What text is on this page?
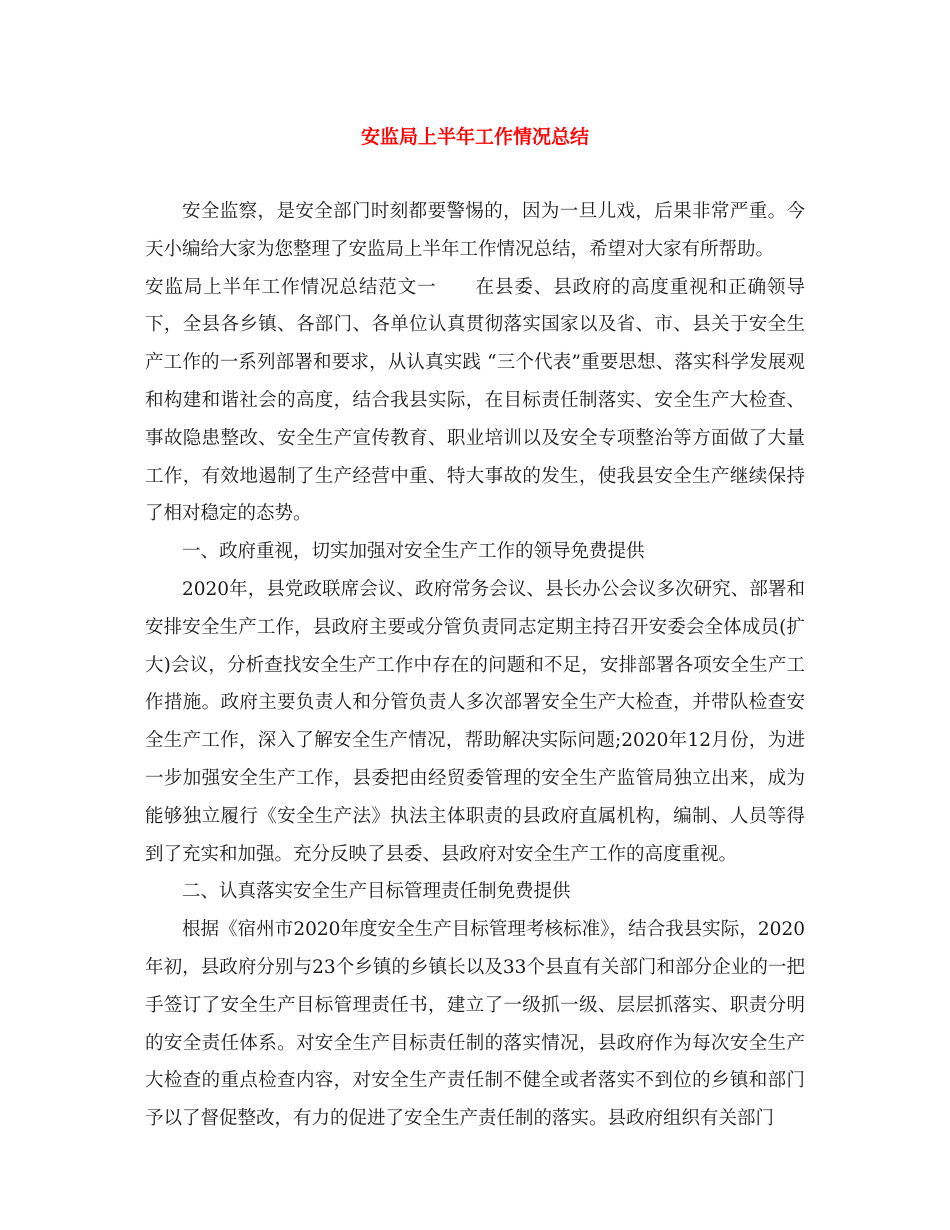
安监局上半年工作情况总结

安全监察，是安全部门时刻都要警惕的，因为一旦儿戏，后果非常严重。今天小编给大家为您整理了安监局上半年工作情况总结，希望对大家有所帮助。

安监局上半年工作情况总结范文一　　在县委、县政府的高度重视和正确领导下，全县各乡镇、各部门、各单位认真贯彻落实国家以及省、市、县关于安全生产工作的一系列部署和要求，从认真实践 “三个代表”重要思想、落实科学发展观和构建和谐社会的高度，结合我县实际，在目标责任制落实、安全生产大检查、事故隐患整改、安全生产宣传教育、职业培训以及安全专项整治等方面做了大量工作，有效地遏制了生产经营中重、特大事故的发生，使我县安全生产继续保持了相对稳定的态势。

一、政府重视，切实加强对安全生产工作的领导免费提供

2020年，县党政联席会议、政府常务会议、县长办公会议多次研究、部署和安排安全生产工作，县政府主要或分管负责同志定期主持召开安委会全体成员(扩大)会议，分析查找安全生产工作中存在的问题和不足，安排部署各项安全生产工作措施。政府主要负责人和分管负责人多次部署安全生产大检查，并带队检查安全生产工作，深入了解安全生产情况，帮助解决实际问题;2020年12月份，为进一步加强安全生产工作，县委把由经贸委管理的安全生产监管局独立出来，成为能够独立履行《安全生产法》执法主体职责的县政府直属机构，编制、人员等得到了充实和加强。充分反映了县委、县政府对安全生产工作的高度重视。

二、认真落实安全生产目标管理责任制免费提供

根据《宿州市2020年度安全生产目标管理考核标准》，结合我县实际，2020年初，县政府分别与23个乡镇的乡镇长以及33个县直有关部门和部分企业的一把手签订了安全生产目标管理责任书，建立了一级抓一级、层层抓落实、职责分明的安全责任体系。对安全生产目标责任制的落实情况，县政府作为每次安全生产大检查的重点检查内容，对安全生产责任制不健全或者落实不到位的乡镇和部门予以了督促整改，有力的促进了安全生产责任制的落实。县政府组织有关部门
